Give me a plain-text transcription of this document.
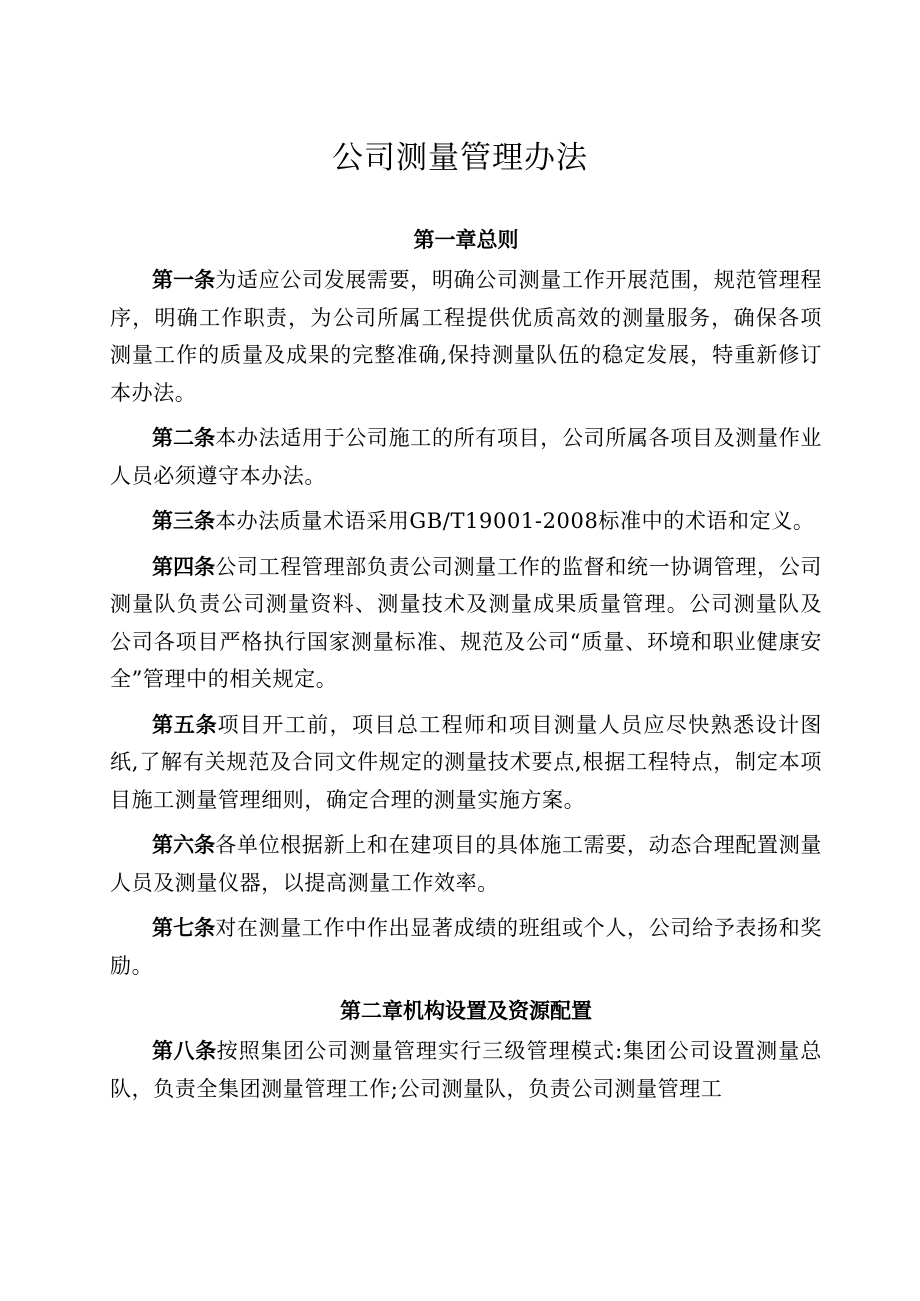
公司测量管理办法
第一章总则

第一条为适应公司发展需要，明确公司测量工作开展范围，规范管理程序，明确工作职责，为公司所属工程提供优质高效的测量服务，确保各项测量工作的质量及成果的完整准确,保持测量队伍的稳定发展，特重新修订本办法。

第二条本办法适用于公司施工的所有项目，公司所属各项目及测量作业人员必须遵守本办法。

第三条本办法质量术语采用GB/T19001-2008标准中的术语和定义。

第四条公司工程管理部负责公司测量工作的监督和统一协调管理，公司测量队负责公司测量资料、测量技术及测量成果质量管理。公司测量队及公司各项目严格执行国家测量标准、规范及公司“质量、环境和职业健康安全”管理中的相关规定。

第五条项目开工前，项目总工程师和项目测量人员应尽快熟悉设计图纸,了解有关规范及合同文件规定的测量技术要点,根据工程特点，制定本项目施工测量管理细则，确定合理的测量实施方案。

第六条各单位根据新上和在建项目的具体施工需要，动态合理配置测量人员及测量仪器，以提高测量工作效率。

第七条对在测量工作中作出显著成绩的班组或个人，公司给予表扬和奖励。

第二章机构设置及资源配置

第八条按照集团公司测量管理实行三级管理模式:集团公司设置测量总队，负责全集团测量管理工作;公司测量队，负责公司测量管理工
